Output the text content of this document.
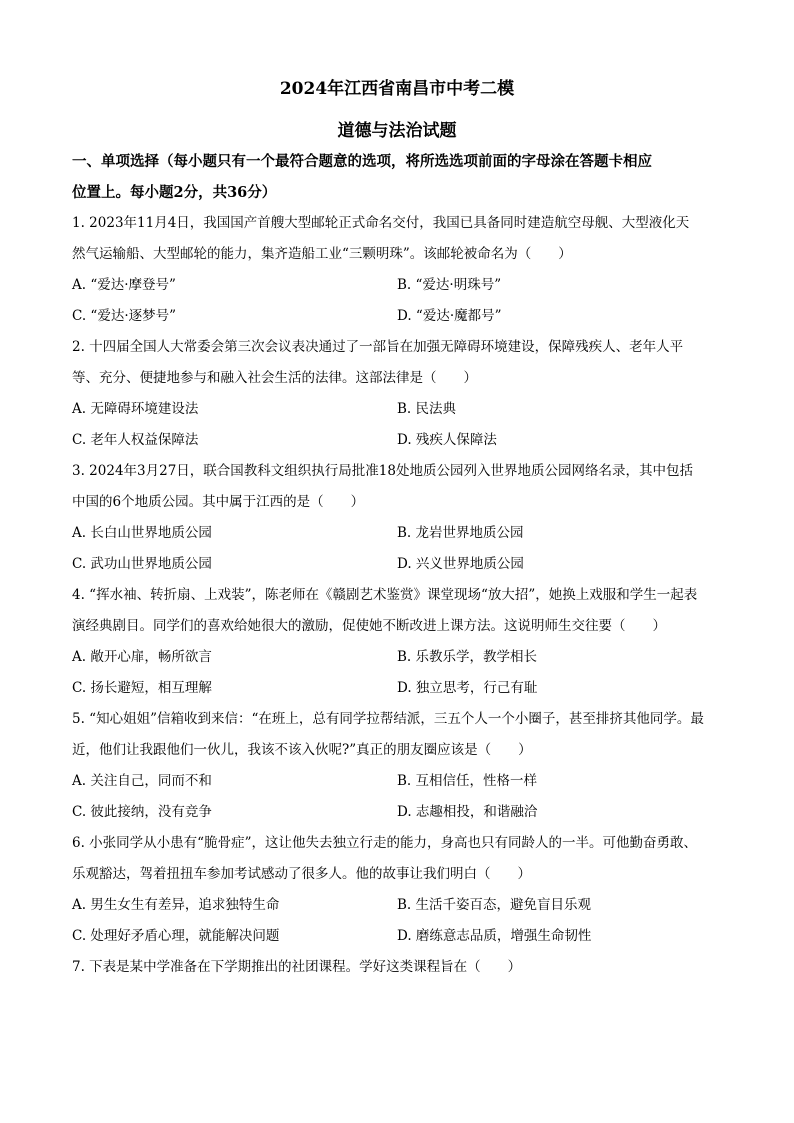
2024年江西省南昌市中考二模
道德与法治试题
一、单项选择（每小题只有一个最符合题意的选项，将所选选项前面的字母涂在答题卡相应
位置上。每小题2分，共36分）
1. 2023年11月4日，我国国产首艘大型邮轮正式命名交付，我国已具备同时建造航空母舰、大型液化天
然气运输船、大型邮轮的能力，集齐造船工业“三颗明珠”。该邮轮被命名为（　　）
A. “爱达·摩登号”	B. “爱达·明珠号”
C. “爱达·逐梦号”	D. “爱达·魔都号”
2. 十四届全国人大常委会第三次会议表决通过了一部旨在加强无障碍环境建设，保障残疾人、老年人平
等、充分、便捷地参与和融入社会生活的法律。这部法律是（　　）
A. 无障碍环境建设法	B. 民法典
C. 老年人权益保障法	D. 残疾人保障法
3. 2024年3月27日，联合国教科文组织执行局批准18处地质公园列入世界地质公园网络名录，其中包括
中国的6个地质公园。其中属于江西的是（　　）
A. 长白山世界地质公园	B. 龙岩世界地质公园
C. 武功山世界地质公园	D. 兴义世界地质公园
4. “挥水袖、转折扇、上戏装”，陈老师在《赣剧艺术鉴赏》课堂现场“放大招”，她换上戏服和学生一起表
演经典剧目。同学们的喜欢给她很大的激励，促使她不断改进上课方法。这说明师生交往要（　　）
A. 敞开心扉，畅所欲言	B. 乐教乐学，教学相长
C. 扬长避短，相互理解	D. 独立思考，行己有耻
5. “知心姐姐”信箱收到来信：“在班上，总有同学拉帮结派，三五个人一个小圈子，甚至排挤其他同学。最
近，他们让我跟他们一伙儿，我该不该入伙呢?”真正的朋友圈应该是（　　）
A. 关注自己，同而不和	B. 互相信任，性格一样
C. 彼此接纳，没有竞争	D. 志趣相投，和谐融洽
6. 小张同学从小患有“脆骨症”，这让他失去独立行走的能力，身高也只有同龄人的一半。可他勤奋勇敢、
乐观豁达，驾着扭扭车参加考试感动了很多人。他的故事让我们明白（　　）
A. 男生女生有差异，追求独特生命	B. 生活千姿百态，避免盲目乐观
C. 处理好矛盾心理，就能解决问题	D. 磨练意志品质，增强生命韧性
7. 下表是某中学准备在下学期推出的社团课程。学好这类课程旨在（　　）
